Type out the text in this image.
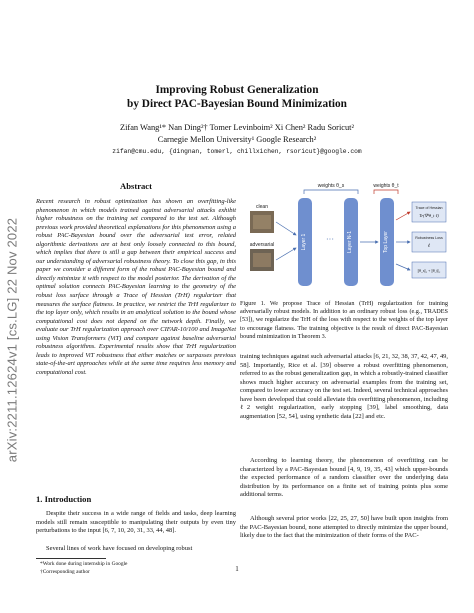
Improving Robust Generalization
by Direct PAC-Bayesian Bound Minimization
Zifan Wang¹* Nan Ding²† Tomer Levinboim² Xi Chen² Radu Soricut²
Carnegie Mellon University¹ Google Research²
zifan@cmu.edu, {dingnan, tomerl, chillxichen, rsoricut}@google.com
arXiv:2211.12624v1 [cs.LG] 22 Nov 2022
Abstract
Recent research in robust optimization has shown an overfitting-like phenomenon in which models trained against adversarial attacks exhibit higher robustness on the training set compared to the test set. Although previous work provided theoretical explanations for this phenomenon using a robust PAC-Bayesian bound over the adversarial test error, related algorithmic derivations are at best only loosely connected to this bound, which implies that there is still a gap between their empirical success and our understanding of adversarial robustness theory. To close this gap, in this paper we consider a different form of the robust PAC-Bayesian bound and directly minimize it with respect to the model posterior. The derivation of the optimal solution connects PAC-Bayesian learning to the geometry of the robust loss surface through a Trace of Hessian (TrH) regularizer that measures the surface flatness. In practice, we restrict the TrH regularizer to the top layer only, which results in an analytical solution to the bound whose computational cost does not depend on the network depth. Finally, we evaluate our TrH regularization approach over CIFAR-10/100 and ImageNet using Vision Transformers (ViT) and compare against baseline adversarial robustness algorithms. Experimental results show that TrH regularization leads to improved ViT robustness that either matches or surpasses previous state-of-the-art approaches while at the same time requires less memory and computational cost.
1. Introduction
Despite their success in a wide range of fields and tasks, deep learning models still remain susceptible to manipulating their outputs by even tiny perturbations to the input [6, 7, 10, 20, 31, 33, 44, 48].
Several lines of work have focused on developing robust
*Work done during internship in Google
†Corresponding author
weights θ_s	weights θ_t
clean
adversarial	Layer 1 ···	Layer N-1	Top Layer
Trace of Hessian
Tr(∇²θ_t ℓ)
Robustness Loss
ℓ
||θ_s||₂ + ||θ_t||₂
Figure 1. We propose Trace of Hessian (TrH) regularization for training adversarially robust models. In addition to an ordinary robust loss (e.g., TRADES [53]), we regularize the TrH of the loss with respect to the weights of the top layer to encourage flatness. The training objective is the result of direct PAC-Bayesian bound minimization in Theorem 3.
training techniques against such adversarial attacks [6, 21, 32, 38, 37, 42, 47, 49, 58]. Importantly, Rice et al. [39] observe a robust overfitting phenomenon, referred to as the robust generalization gap, in which a robustly-trained classifier shows much higher accuracy on adversarial examples from the training set, compared to lower accuracy on the test set. Indeed, several technical approaches have been developed that could alleviate this overfitting phenomenon, including ℓ2 weight regularization, early stopping [39], label smoothing, data augmentation [52, 54], using synthetic data [22] and etc.
According to learning theory, the phenomenon of overfitting can be characterized by a PAC-Bayesian bound [4, 9, 19, 35, 43] which upper-bounds the expected performance of a random classifier over the underlying data distribution by its performance on a finite set of training points plus some additional terms.
Although several prior works [22, 25, 27, 50] have built upon insights from the PAC-Bayesian bound, none attempted to directly minimize the upper bound, likely due to the fact that the minimization of their forms of the PAC-
1
